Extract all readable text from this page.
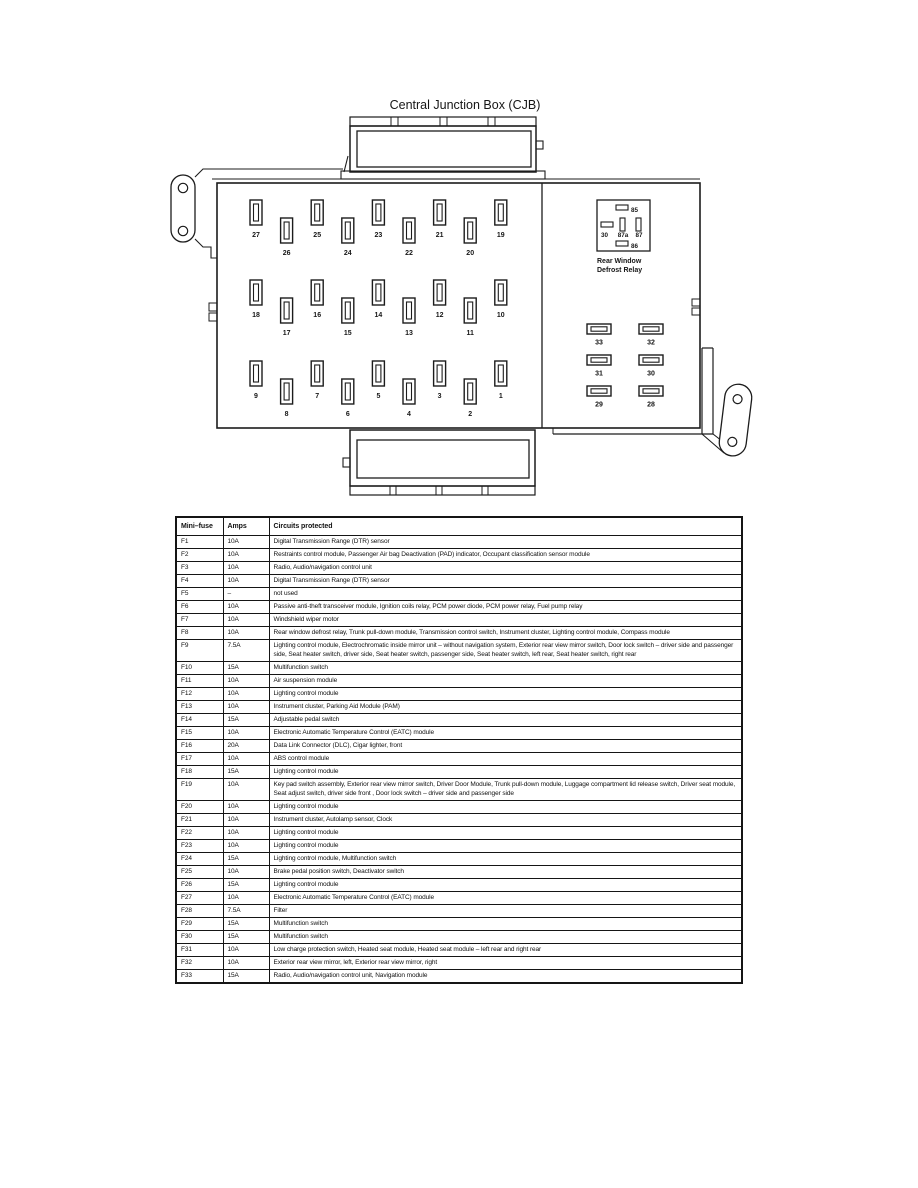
Central Junction Box (CJB)
85
30 87a 87
86
Rear Window
Defrost Relay
27
26
25
24
23
22
21
20
19
18
17
16
15
14
13
12
11
10
9
8
7
6
5
4
3
2
1
33	32
31	30
29	28
Mini–fuse	Amps	Circuits protected
F1	10A	Digital Transmission Range (DTR) sensor
F2	10A	Restraints control module, Passenger Air bag Deactivation (PAD) indicator, Occupant classification sensor module
F3	10A	Radio, Audio/navigation control unit
F4	10A	Digital Transmission Range (DTR) sensor
F5	–	not used
F6	10A	Passive anti-theft transceiver module, Ignition coils relay, PCM power diode, PCM power relay, Fuel pump relay
F7	10A	Windshield wiper motor
F8	10A	Rear window defrost relay, Trunk pull-down module, Transmission control switch, Instrument cluster, Lighting control module, Compass module
F9	7.5A	Lighting control module, Electrochromatic inside mirror unit – without navigation system, Exterior rear view mirror switch, Door lock switch – driver side and passenger side, Seat heater switch, driver side, Seat heater switch, passenger side, Seat heater switch, left rear, Seat heater switch, right rear
F10	15A	Multifunction switch
F11	10A	Air suspension module
F12	10A	Lighting control module
F13	10A	Instrument cluster, Parking Aid Module (PAM)
F14	15A	Adjustable pedal switch
F15	10A	Electronic Automatic Temperature Control (EATC) module
F16	20A	Data Link Connector (DLC), Cigar lighter, front
F17	10A	ABS control module
F18	15A	Lighting control module
F19	10A	Key pad switch assembly, Exterior rear view mirror switch, Driver Door Module, Trunk pull-down module, Luggage compartment lid release switch, Driver seat module, Seat adjust switch, driver side front , Door lock switch – driver side and passenger side
F20	10A	Lighting control module
F21	10A	Instrument cluster, Autolamp sensor, Clock
F22	10A	Lighting control module
F23	10A	Lighting control module
F24	15A	Lighting control module, Multifunction switch
F25	10A	Brake pedal position switch, Deactivator switch
F26	15A	Lighting control module
F27	10A	Electronic Automatic Temperature Control (EATC) module
F28	7.5A	Filter
F29	15A	Multifunction switch
F30	15A	Multifunction switch
F31	10A	Low charge protection switch, Heated seat module, Heated seat module – left rear and right rear
F32	10A	Exterior rear view mirror, left, Exterior rear view mirror, right
F33	15A	Radio, Audio/navigation control unit, Navigation module
